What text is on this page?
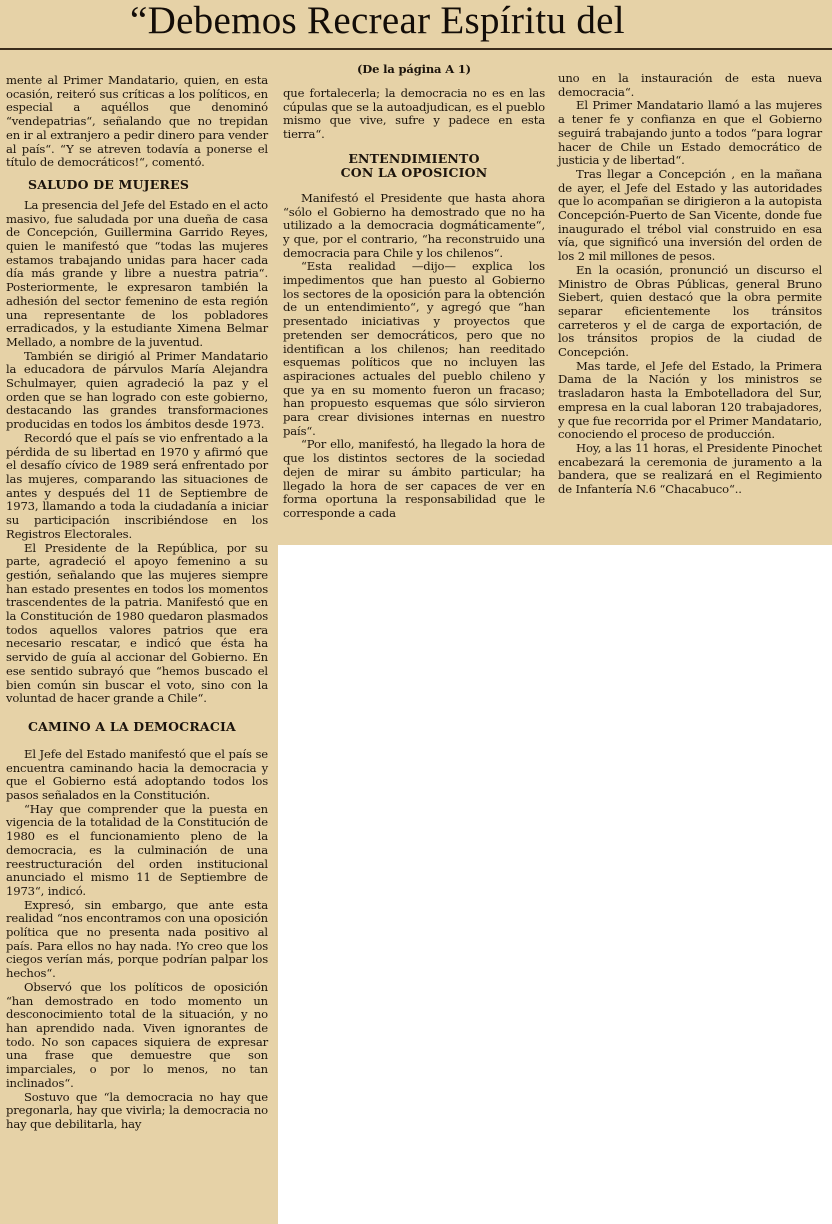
“Debemos Recrear Espíritu del

mente al Primer Mandatario, quien, en esta ocasión, reiteró sus críticas a los políticos, en especial a aquéllos que denominó “vendepatrias“, señalando que no trepidan en ir al extranjero a pedir dinero para vender al país“. “Y se atreven todavía a ponerse el título de democráticos!“, comentó.

SALUDO DE MUJERES

La presencia del Jefe del Estado en el acto masivo, fue saludada por una dueña de casa de Concepción, Guillermina Garrido Reyes, quien le manifestó que “todas las mujeres estamos trabajando unidas para hacer cada día más grande y libre a nuestra patria“. Posteriormente, le expresaron también la adhesión del sector femenino de esta región una representante de los pobladores erradicados, y la estudiante Ximena Belmar Mellado, a nombre de la juventud.

También se dirigió al Primer Mandatario la educadora de párvulos María Alejandra Schulmayer, quien agradeció la paz y el orden que se han logrado con este gobierno, destacando las grandes transformaciones producidas en todos los ámbitos desde 1973.

Recordó que el país se vio enfrentado a la pérdida de su libertad en 1970 y afirmó que el desafío cívico de 1989 será enfrentado por las mujeres, comparando las situaciones de antes y después del 11 de Septiembre de 1973, llamando a toda la ciudadanía a iniciar su participación inscribiéndose en los Registros Electorales.

El Presidente de la República, por su parte, agradeció el apoyo femenino a su gestión, señalando que las mujeres siempre han estado presentes en todos los momentos trascendentes de la patria. Manifestó que en la Constitución de 1980 quedaron plasmados todos aquellos valores patrios que era necesario rescatar, e indicó que ésta ha servido de guía al accionar del Gobierno. En ese sentido subrayó que “hemos buscado el bien común sin buscar el voto, sino con la voluntad de hacer grande a Chile“.

CAMINO A LA DEMOCRACIA

El Jefe del Estado manifestó que el país se encuentra caminando hacia la democracia y que el Gobierno está adoptando todos los pasos señalados en la Constitución.

“Hay que comprender que la puesta en vigencia de la totalidad de la Constitución de 1980 es el funcionamiento pleno de la democracia, es la culminación de una reestructuración del orden institucional anunciado el mismo 11 de Septiembre de 1973“, indicó.

Expresó, sin embargo, que ante esta realidad “nos encontramos con una oposición política que no presenta nada positivo al país. Para ellos no hay nada. !Yo creo que los ciegos verían más, porque podrían palpar los hechos“.

Observó que los políticos de oposición “han demostrado en todo momento un desconocimiento total de la situación, y no han aprendido nada. Viven ignorantes de todo. No son capaces siquiera de expresar una frase que demuestre que son imparciales, o por lo menos, no tan inclinados“.

Sostuvo que “la democracia no hay que pregonarla, hay que vivirla; la democracia no hay que debilitarla, hay

(De la página A 1)

que fortalecerla; la democracia no es en las cúpulas que se la autoadjudican, es el pueblo mismo que vive, sufre y padece en esta tierra“.

ENTENDIMIENTO
CON LA OPOSICION

Manifestó el Presidente que hasta ahora “sólo el Gobierno ha demostrado que no ha utilizado a la democracia dogmáticamente“, y que, por el contrario, “ha reconstruido una democracia para Chile y los chilenos“.

“Esta realidad —dijo— explica los impedimentos que han puesto al Gobierno los sectores de la oposición para la obtención de un entendimiento“, y agregó que “han presentado iniciativas y proyectos que pretenden ser democráticos, pero que no identifican a los chilenos; han reeditado esquemas políticos que no incluyen las aspiraciones actuales del pueblo chileno y que ya en su momento fueron un fracaso; han propuesto esquemas que sólo sirvieron para crear divisiones internas en nuestro país“.

“Por ello, manifestó, ha llegado la hora de que los distintos sectores de la sociedad dejen de mirar su ámbito particular; ha llegado la hora de ser capaces de ver en forma oportuna la responsabilidad que le corresponde a cada

uno en la instauración de esta nueva democracia“.

El Primer Mandatario llamó a las mujeres a tener fe y confianza en que el Gobierno seguirá trabajando junto a todos “para lograr hacer de Chile un Estado democrático de justicia y de libertad“.

Tras llegar a Concepción , en la mañana de ayer, el Jefe del Estado y las autoridades que lo acompañan se dirigieron a la autopista Concepción-Puerto de San Vicente, donde fue inaugurado el trébol vial construido en esa vía, que significó una inversión del orden de los 2 mil millones de pesos.

En la ocasión, pronunció un discurso el Ministro de Obras Públicas, general Bruno Siebert, quien destacó que la obra permite separar eficientemente los tránsitos carreteros y el de carga de exportación, de los tránsitos propios de la ciudad de Concepción.

Mas tarde, el Jefe del Estado, la Primera Dama de la Nación y los ministros se trasladaron hasta la Embotelladora del Sur, empresa en la cual laboran 120 trabajadores, y que fue recorrida por el Primer Mandatario, conociendo el proceso de producción.

Hoy, a las 11 horas, el Presidente Pinochet encabezará la ceremonia de juramento a la bandera, que se realizará en el Regimiento de Infantería N.6 “Chacabuco“..
